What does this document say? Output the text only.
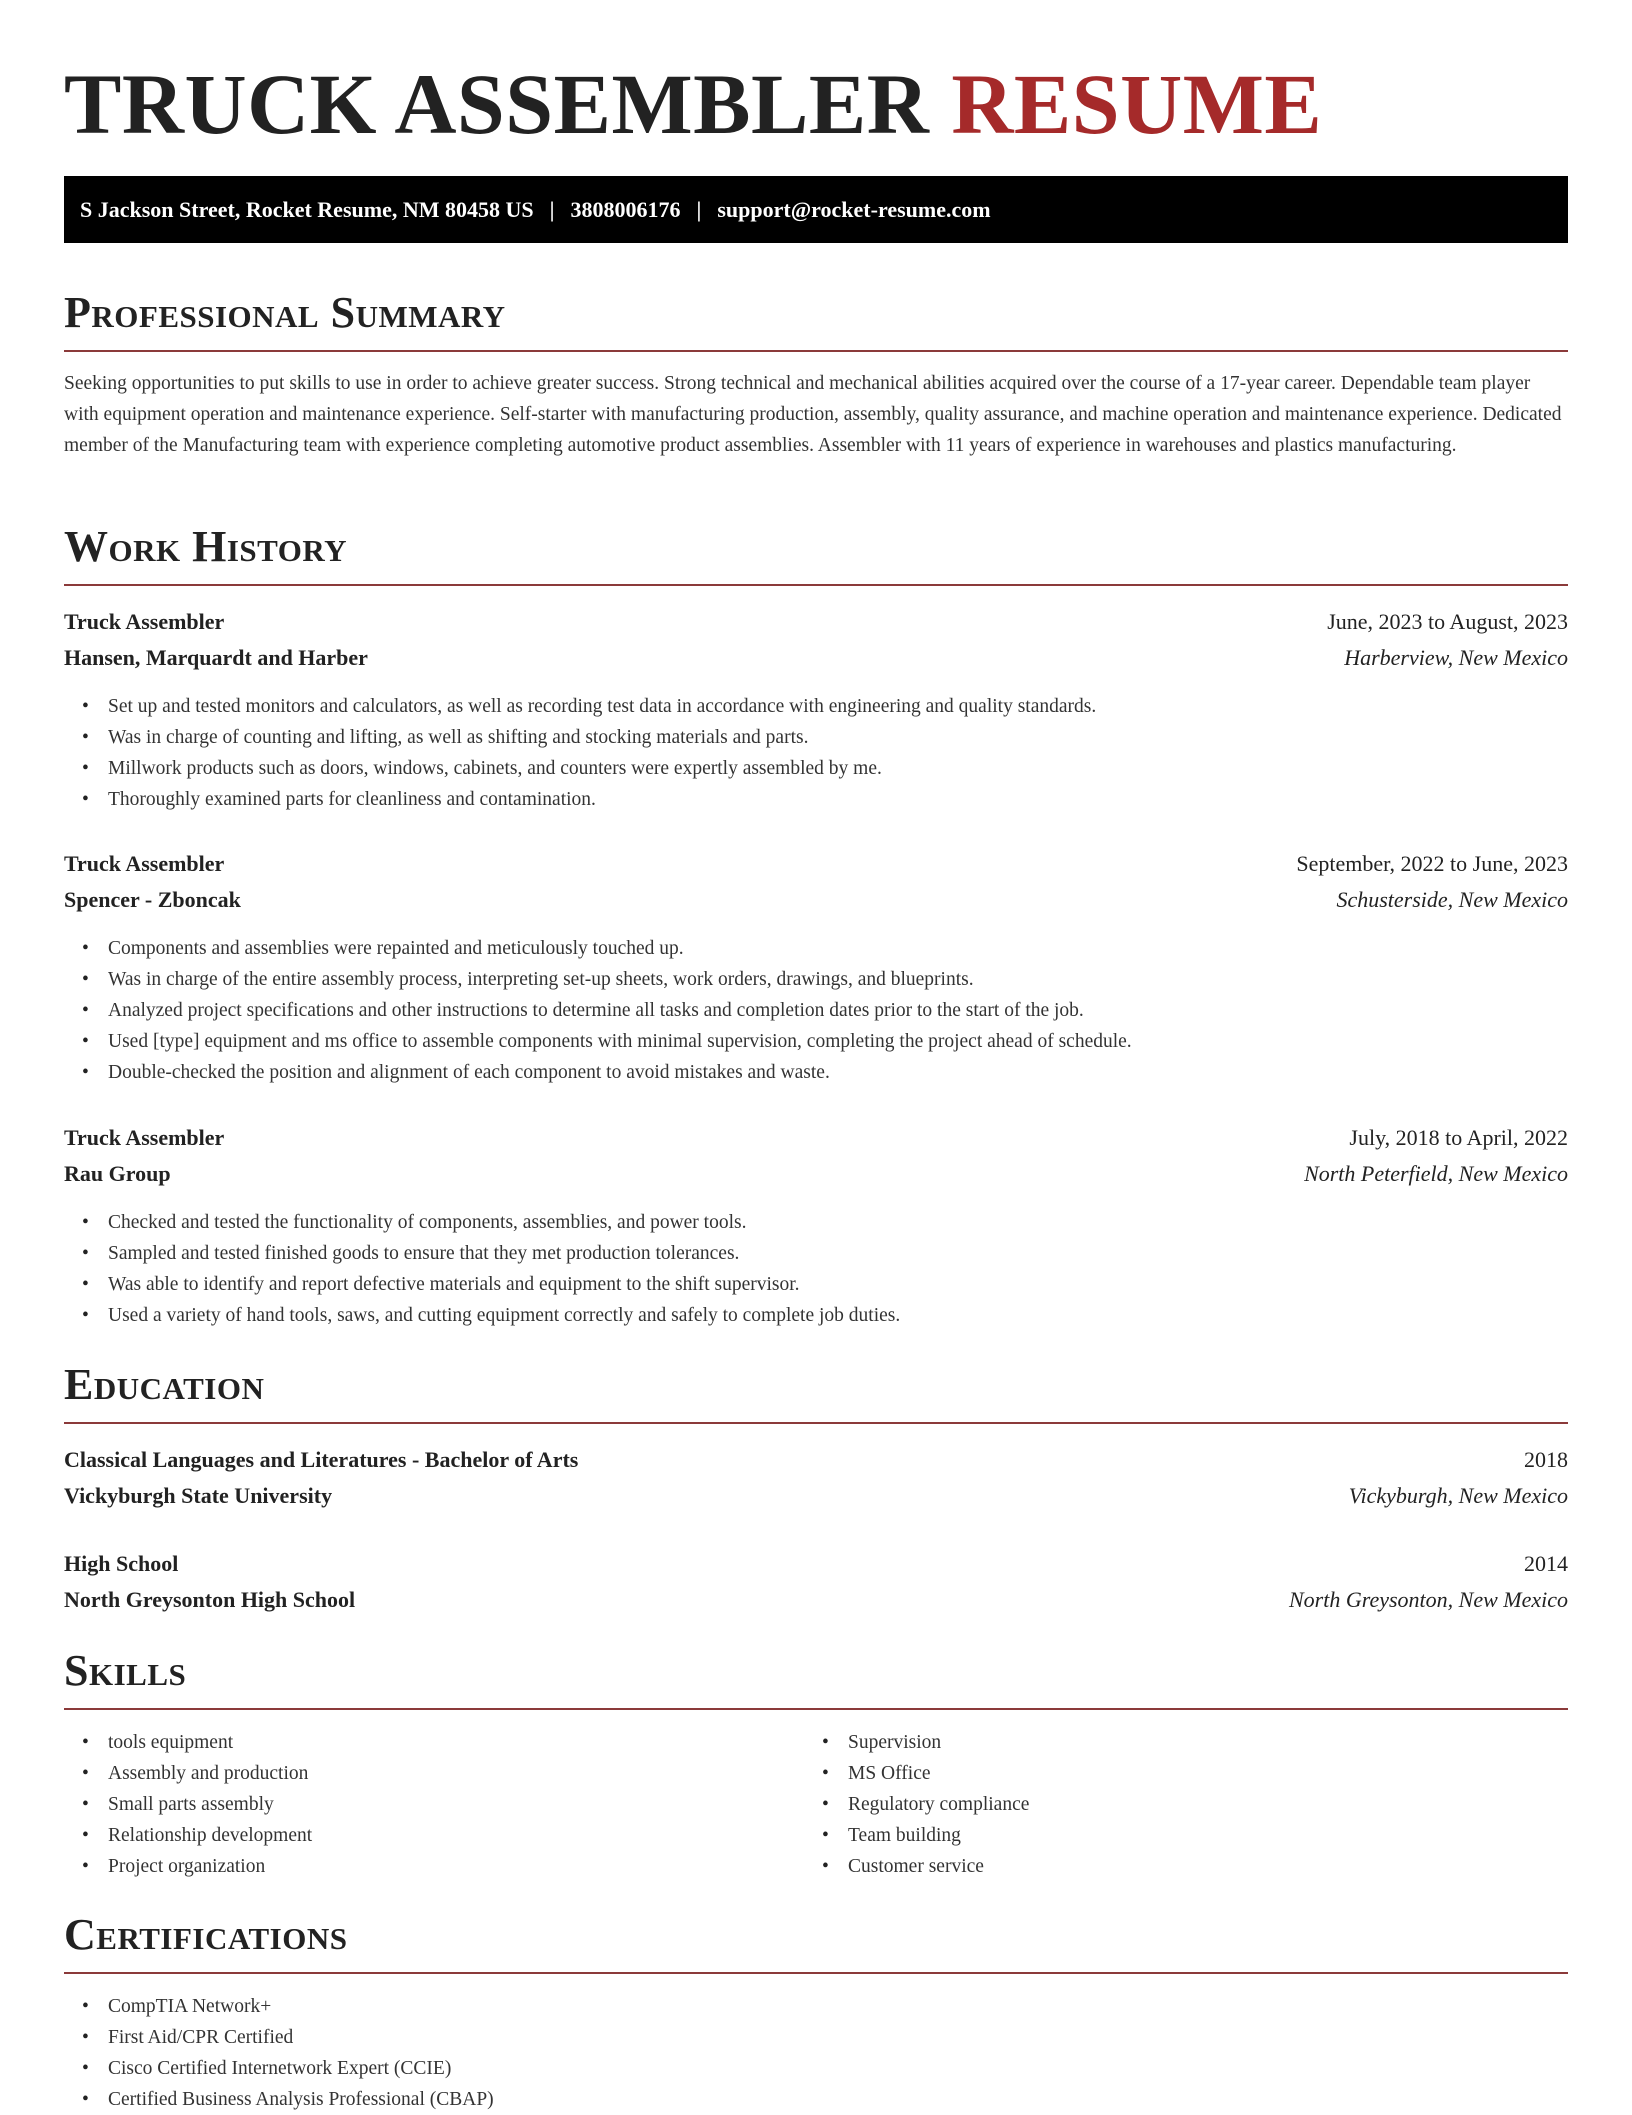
TRUCK ASSEMBLER RESUME
S Jackson Street, Rocket Resume, NM 80458 US | 3808006176 | support@rocket-resume.com
Professional Summary
Seeking opportunities to put skills to use in order to achieve greater success. Strong technical and mechanical abilities acquired over the course of a 17-year career. Dependable team player with equipment operation and maintenance experience. Self-starter with manufacturing production, assembly, quality assurance, and machine operation and maintenance experience. Dedicated member of the Manufacturing team with experience completing automotive product assemblies. Assembler with 11 years of experience in warehouses and plastics manufacturing.
Work History
Truck Assembler	June, 2023 to August, 2023
Hansen, Marquardt and Harber	Harberview, New Mexico
• Set up and tested monitors and calculators, as well as recording test data in accordance with engineering and quality standards.
• Was in charge of counting and lifting, as well as shifting and stocking materials and parts.
• Millwork products such as doors, windows, cabinets, and counters were expertly assembled by me.
• Thoroughly examined parts for cleanliness and contamination.
Truck Assembler	September, 2022 to June, 2023
Spencer - Zboncak	Schusterside, New Mexico
• Components and assemblies were repainted and meticulously touched up.
• Was in charge of the entire assembly process, interpreting set-up sheets, work orders, drawings, and blueprints.
• Analyzed project specifications and other instructions to determine all tasks and completion dates prior to the start of the job.
• Used [type] equipment and ms office to assemble components with minimal supervision, completing the project ahead of schedule.
• Double-checked the position and alignment of each component to avoid mistakes and waste.
Truck Assembler	July, 2018 to April, 2022
Rau Group	North Peterfield, New Mexico
• Checked and tested the functionality of components, assemblies, and power tools.
• Sampled and tested finished goods to ensure that they met production tolerances.
• Was able to identify and report defective materials and equipment to the shift supervisor.
• Used a variety of hand tools, saws, and cutting equipment correctly and safely to complete job duties.
Education
Classical Languages and Literatures - Bachelor of Arts	2018
Vickyburgh State University	Vickyburgh, New Mexico
High School	2014
North Greysonton High School	North Greysonton, New Mexico
Skills
• tools equipment
• Assembly and production
• Small parts assembly
• Relationship development
• Project organization
• Supervision
• MS Office
• Regulatory compliance
• Team building
• Customer service
Certifications
• CompTIA Network+
• First Aid/CPR Certified
• Cisco Certified Internetwork Expert (CCIE)
• Certified Business Analysis Professional (CBAP)
